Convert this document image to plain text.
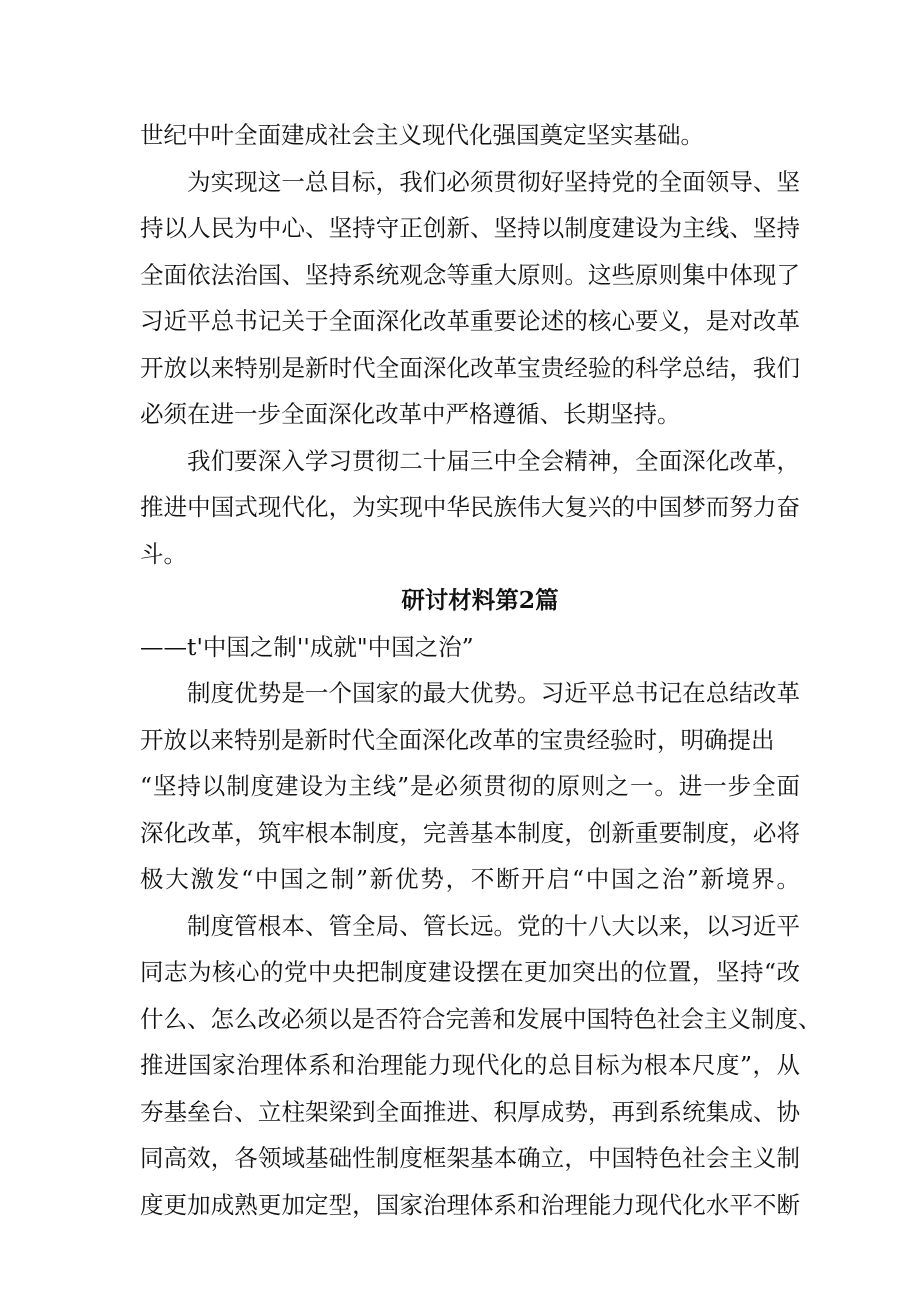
世纪中叶全面建成社会主义现代化强国奠定坚实基础。
为实现这一总目标，我们必须贯彻好坚持党的全面领导、坚
持以人民为中心、坚持守正创新、坚持以制度建设为主线、坚持
全面依法治国、坚持系统观念等重大原则。这些原则集中体现了
习近平总书记关于全面深化改革重要论述的核心要义，是对改革
开放以来特别是新时代全面深化改革宝贵经验的科学总结，我们
必须在进一步全面深化改革中严格遵循、长期坚持。
我们要深入学习贯彻二十届三中全会精神，全面深化改革，
推进中国式现代化，为实现中华民族伟大复兴的中国梦而努力奋
斗。
研讨材料第2篇
——t'中国之制''成就"中国之治”
制度优势是一个国家的最大优势。习近平总书记在总结改革
开放以来特别是新时代全面深化改革的宝贵经验时，明确提出
“坚持以制度建设为主线”是必须贯彻的原则之一。进一步全面
深化改革，筑牢根本制度，完善基本制度，创新重要制度，必将
极大激发“中国之制”新优势，不断开启“中国之治”新境界。
制度管根本、管全局、管长远。党的十八大以来，以习近平
同志为核心的党中央把制度建设摆在更加突出的位置，坚持“改
什么、怎么改必须以是否符合完善和发展中国特色社会主义制度、
推进国家治理体系和治理能力现代化的总目标为根本尺度”，从
夯基垒台、立柱架梁到全面推进、积厚成势，再到系统集成、协
同高效，各领域基础性制度框架基本确立，中国特色社会主义制
度更加成熟更加定型，国家治理体系和治理能力现代化水平不断
